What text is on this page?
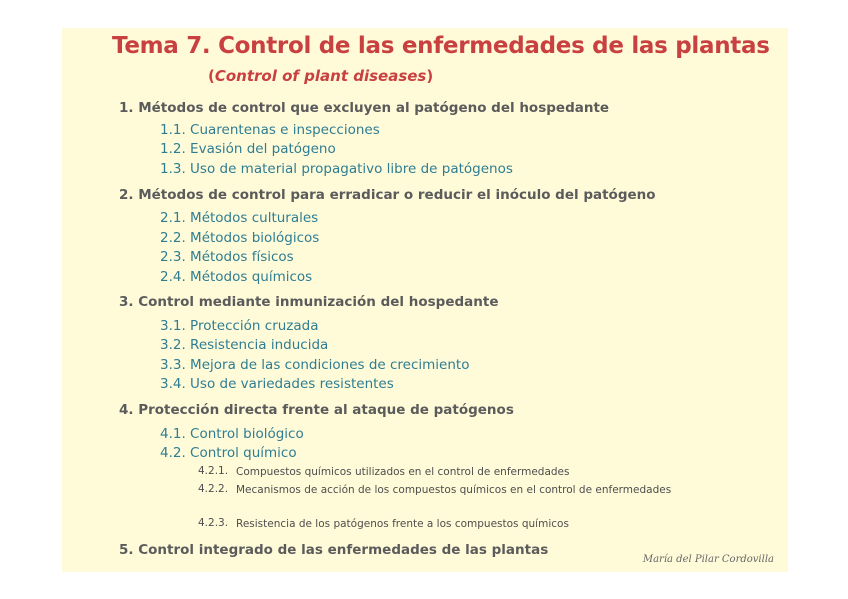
Tema 7. Control de las enfermedades de las plantas

(Control of plant diseases)

1. Métodos de control que excluyen al patógeno del hospedante

1.1. Cuarentenas e inspecciones

1.2. Evasión del patógeno

1.3. Uso de material propagativo libre de patógenos

2. Métodos de control para erradicar o reducir el inóculo del patógeno

2.1. Métodos culturales

2.2. Métodos biológicos

2.3. Métodos físicos

2.4. Métodos químicos

3. Control mediante inmunización del hospedante

3.1. Protección cruzada

3.2. Resistencia inducida

3.3. Mejora de las condiciones de crecimiento

3.4. Uso de variedades resistentes

4. Protección directa frente al ataque de patógenos

4.1. Control biológico

4.2. Control químico

4.2.1. Compuestos químicos utilizados en el control de enfermedades
4.2.2. Mecanismos de acción de los compuestos químicos en el control de enfermedades
4.2.3. Resistencia de los patógenos frente a los compuestos químicos

5. Control integrado de las enfermedades de las plantas

María del Pilar Cordovilla
